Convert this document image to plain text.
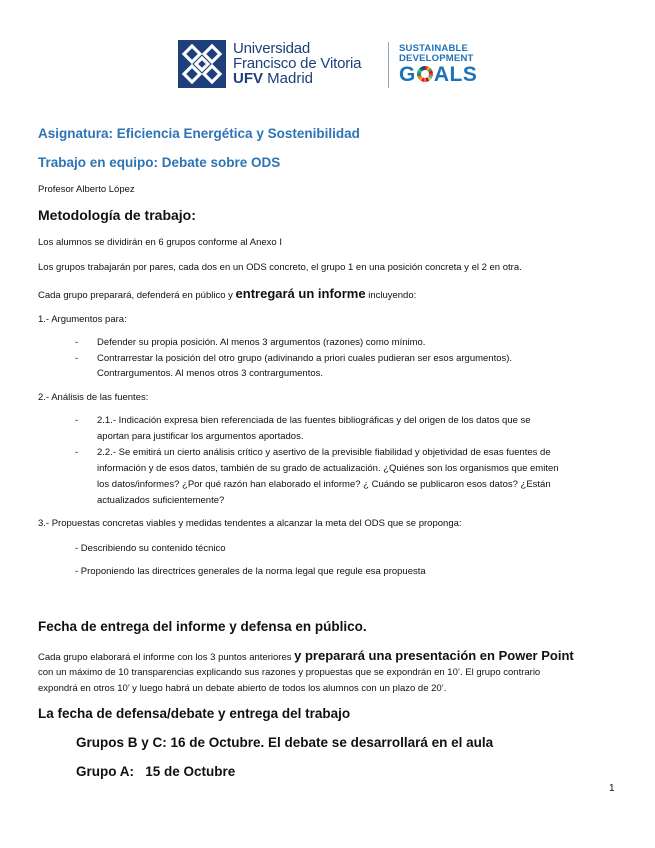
Universidad
Francisco de Vitoria
UFV Madrid
SUSTAINABLE
DEVELOPMENT
G ALS
Asignatura: Eficiencia Energética y Sostenibilidad
Trabajo en equipo: Debate sobre ODS
Profesor Alberto López
Metodología de trabajo:
Los alumnos se dividirán en 6 grupos conforme al Anexo I
Los grupos trabajarán por pares, cada dos en un ODS concreto, el grupo 1 en una posición concreta y el 2 en otra.
Cada grupo preparará, defenderá en público y entregará un informe incluyendo:
1.- Argumentos para:
- Defender su propia posición. Al menos 3 argumentos (razones) como mínimo.
- Contrarrestar la posición del otro grupo (adivinando a priori cuales pudieran ser esos argumentos).
Contrargumentos. Al menos otros 3 contrargumentos.
2.- Análisis de las fuentes:
- 2.1.- Indicación expresa bien referenciada de las fuentes bibliográficas y del origen de los datos que se
aportan para justificar los argumentos aportados.
- 2.2.- Se emitirá un cierto análisis crítico y asertivo de la previsible fiabilidad y objetividad de esas fuentes de
información y de esos datos, también de su grado de actualización. ¿Quiénes son los organismos que emiten
los datos/informes? ¿Por qué razón han elaborado el informe? ¿ Cuándo se publicaron esos datos? ¿Están
actualizados suficientemente?
3.- Propuestas concretas viables y medidas tendentes a alcanzar la meta del ODS que se proponga:
- Describiendo su contenido técnico
- Proponiendo las directrices generales de la norma legal que regule esa propuesta
Fecha de entrega del informe y defensa en público.
Cada grupo elaborará el informe con los 3 puntos anteriores y preparará una presentación en Power Point
con un máximo de 10 transparencias explicando sus razones y propuestas que se expondrán en 10’. El grupo contrario
expondrá en otros 10’ y luego habrá un debate abierto de todos los alumnos con un plazo de 20’.
La fecha de defensa/debate y entrega del trabajo
Grupos B y C: 16 de Octubre. El debate se desarrollará en el aula
Grupo A:   15 de Octubre
1
